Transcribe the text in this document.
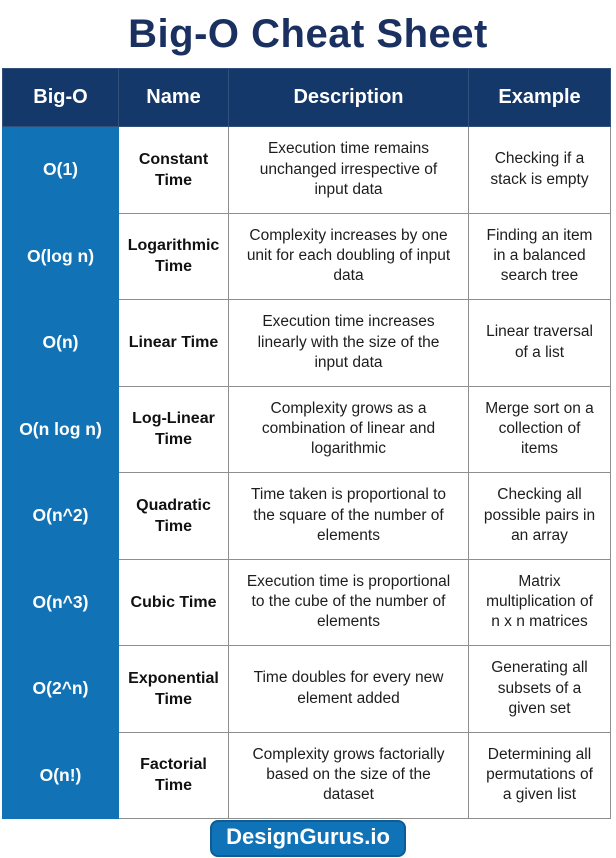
Big-O Cheat Sheet
Big-O	Name	Description	Example
O(1)	Constant Time	Execution time remains unchanged irrespective of input data	Checking if a stack is empty
O(log n)	Logarithmic Time	Complexity increases by one unit for each doubling of input data	Finding an item in a balanced search tree
O(n)	Linear Time	Execution time increases linearly with the size of the input data	Linear traversal of a list
O(n log n)	Log-Linear Time	Complexity grows as a combination of linear and logarithmic	Merge sort on a collection of items
O(n^2)	Quadratic Time	Time taken is proportional to the square of the number of elements	Checking all possible pairs in an array
O(n^3)	Cubic Time	Execution time is proportional to the cube of the number of elements	Matrix multiplication of n x n matrices
O(2^n)	Exponential Time	Time doubles for every new element added	Generating all subsets of a given set
O(n!)	Factorial Time	Complexity grows factorially based on the size of the dataset	Determining all permutations of a given list
DesignGurus.io
